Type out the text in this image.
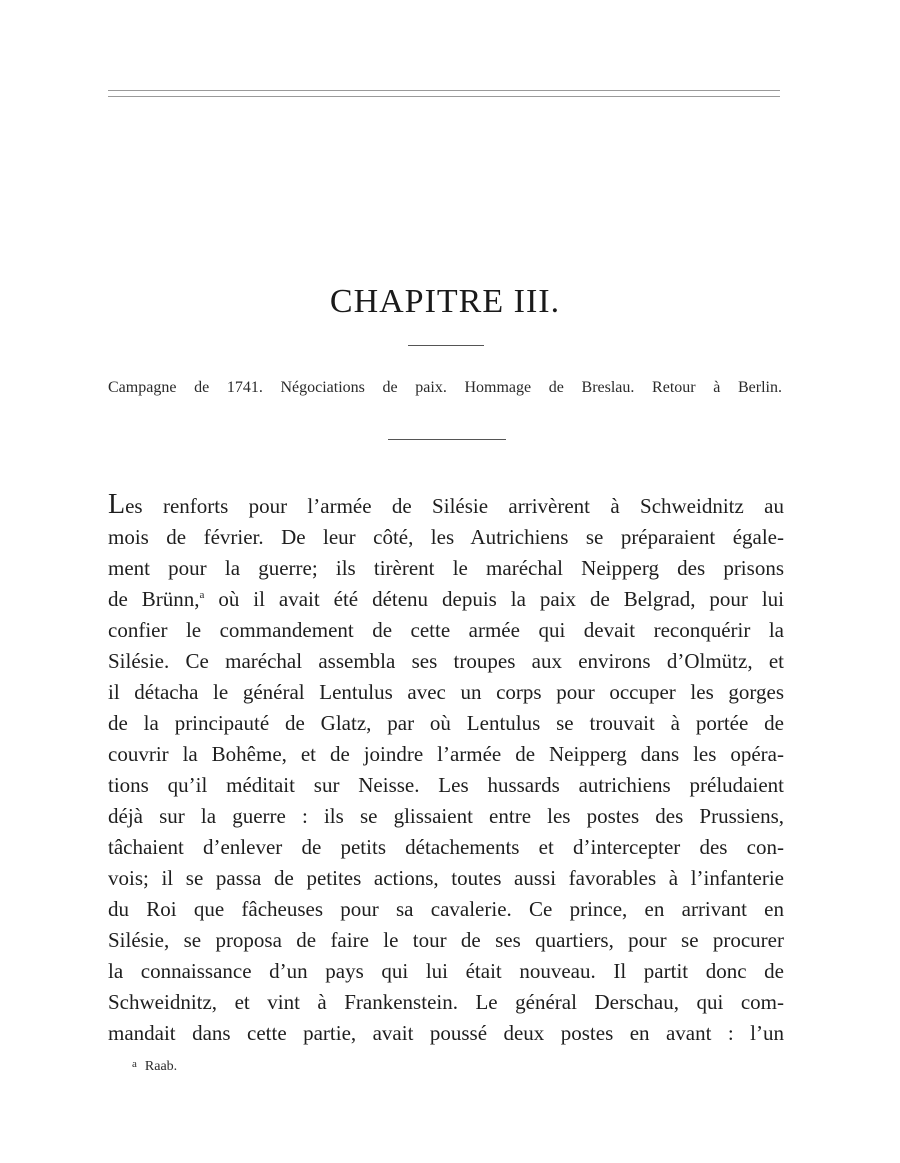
CHAPITRE III.

Campagne de 1741. Négociations de paix. Hommage de Breslau. Retour à Berlin.

Les renforts pour l’armée de Silésie arrivèrent à Schweidnitz au
mois de février. De leur côté, les Autrichiens se préparaient égale-
ment pour la guerre; ils tirèrent le maréchal Neipperg des prisons
de Brünn,$^a$ où il avait été détenu depuis la paix de Belgrad, pour lui
confier le commandement de cette armée qui devait reconquérir la
Silésie. Ce maréchal assembla ses troupes aux environs d’Olmütz, et
il détacha le général Lentulus avec un corps pour occuper les gorges
de la principauté de Glatz, par où Lentulus se trouvait à portée de
couvrir la Bohême, et de joindre l’armée de Neipperg dans les opéra-
tions qu’il méditait sur Neisse. Les hussards autrichiens préludaient
déjà sur la guerre : ils se glissaient entre les postes des Prussiens,
tâchaient d’enlever de petits détachements et d’intercepter des con-
vois; il se passa de petites actions, toutes aussi favorables à l’infanterie
du Roi que fâcheuses pour sa cavalerie. Ce prince, en arrivant en
Silésie, se proposa de faire le tour de ses quartiers, pour se procurer
la connaissance d’un pays qui lui était nouveau. Il partit donc de
Schweidnitz, et vint à Frankenstein. Le général Derschau, qui com-
mandait dans cette partie, avait poussé deux postes en avant : l’un

$^a$ Raab.
